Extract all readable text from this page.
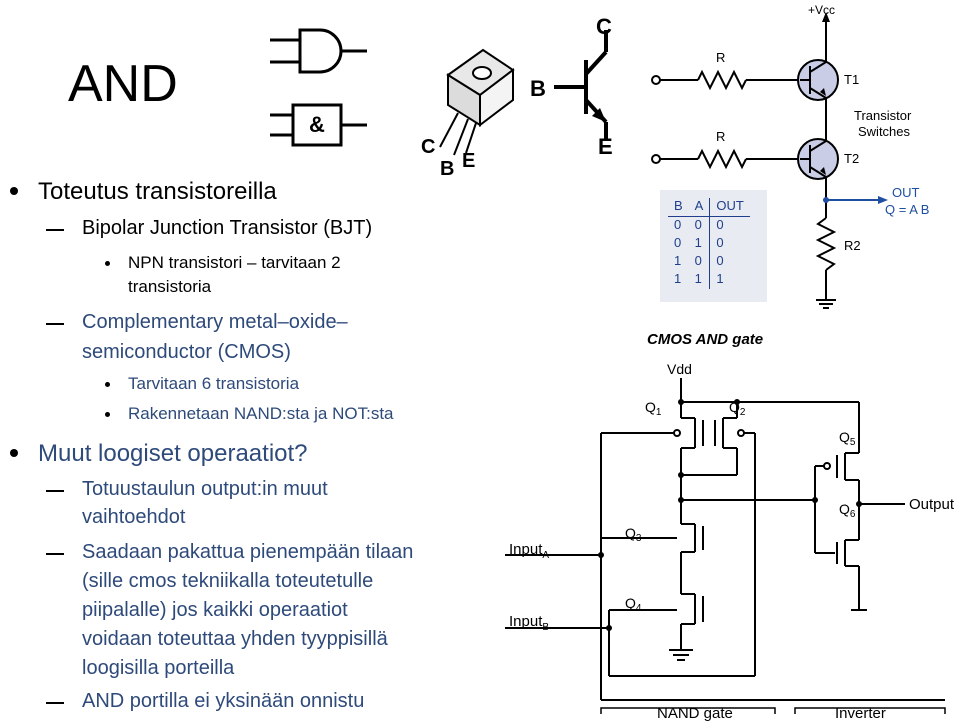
AND
Toteutus transistoreilla
Bipolar Junction Transistor (BJT)
NPN transistori – tarvitaan 2
transistoria
Complementary metal–oxide–
semiconductor (CMOS)
Tarvitaan 6 transistoria
Rakennetaan NAND:sta ja NOT:sta
Muut loogiset operaatiot?
Totuustaulun output:in muut
vaihtoehdot
Saadaan pakattua pienempään tilaan
(sille cmos tekniikalla toteutetulle
piipalalle) jos kaikki operaatiot
voidaan toteuttaa yhden tyyppisillä
loogisilla porteilla
AND portilla ei yksinään onnistu
&
C
B E
C
B
E
+Vcc
R
R
T1
T2
Transistor
Switches
OUT
Q = A B
R2
B	A	OUT
0	0	0
0	1	0
1	0	0
1	1	1
CMOS AND gate
Vdd
$Q_1$	$Q_2$
$Q_3$
$Q_4$
$Q_5$
$Q_6$
Output
Input$_A$
Input$_B$
NAND gate	Inverter
